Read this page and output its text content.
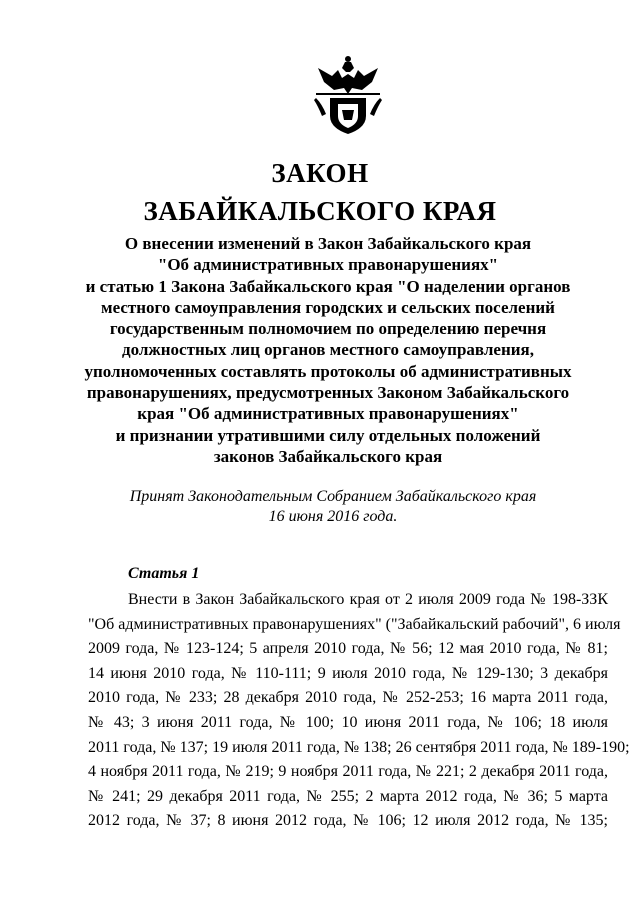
ЗАКОН
ЗАБАЙКАЛЬСКОГО КРАЯ
О внесении изменений в Закон Забайкальского края
"Об административных правонарушениях"
и статью 1 Закона Забайкальского края "О наделении органов
местного самоуправления городских и сельских поселений
государственным полномочием по определению перечня
должностных лиц органов местного самоуправления,
уполномоченных составлять протоколы об административных
правонарушениях, предусмотренных Законом Забайкальского
края "Об административных правонарушениях"
и признании утратившими силу отдельных положений
законов Забайкальского края
Принят Законодательным Собранием Забайкальского края
16 июня 2016 года.
Статья 1
Внести в Закон Забайкальского края от 2 июля 2009 года № 198-ЗЗК
"Об административных правонарушениях" ("Забайкальский рабочий", 6 июля
2009 года, № 123-124; 5 апреля 2010 года, № 56; 12 мая 2010 года, № 81;
14 июня 2010 года, № 110-111; 9 июля 2010 года, № 129-130; 3 декабря
2010 года, № 233; 28 декабря 2010 года, № 252-253; 16 марта 2011 года,
№ 43; 3 июня 2011 года, № 100; 10 июня 2011 года, № 106; 18 июля
2011 года, № 137; 19 июля 2011 года, № 138; 26 сентября 2011 года, № 189-190;
4 ноября 2011 года, № 219; 9 ноября 2011 года, № 221; 2 декабря 2011 года,
№ 241; 29 декабря 2011 года, № 255; 2 марта 2012 года, № 36; 5 марта
2012 года, № 37; 8 июня 2012 года, № 106; 12 июля 2012 года, № 135;
